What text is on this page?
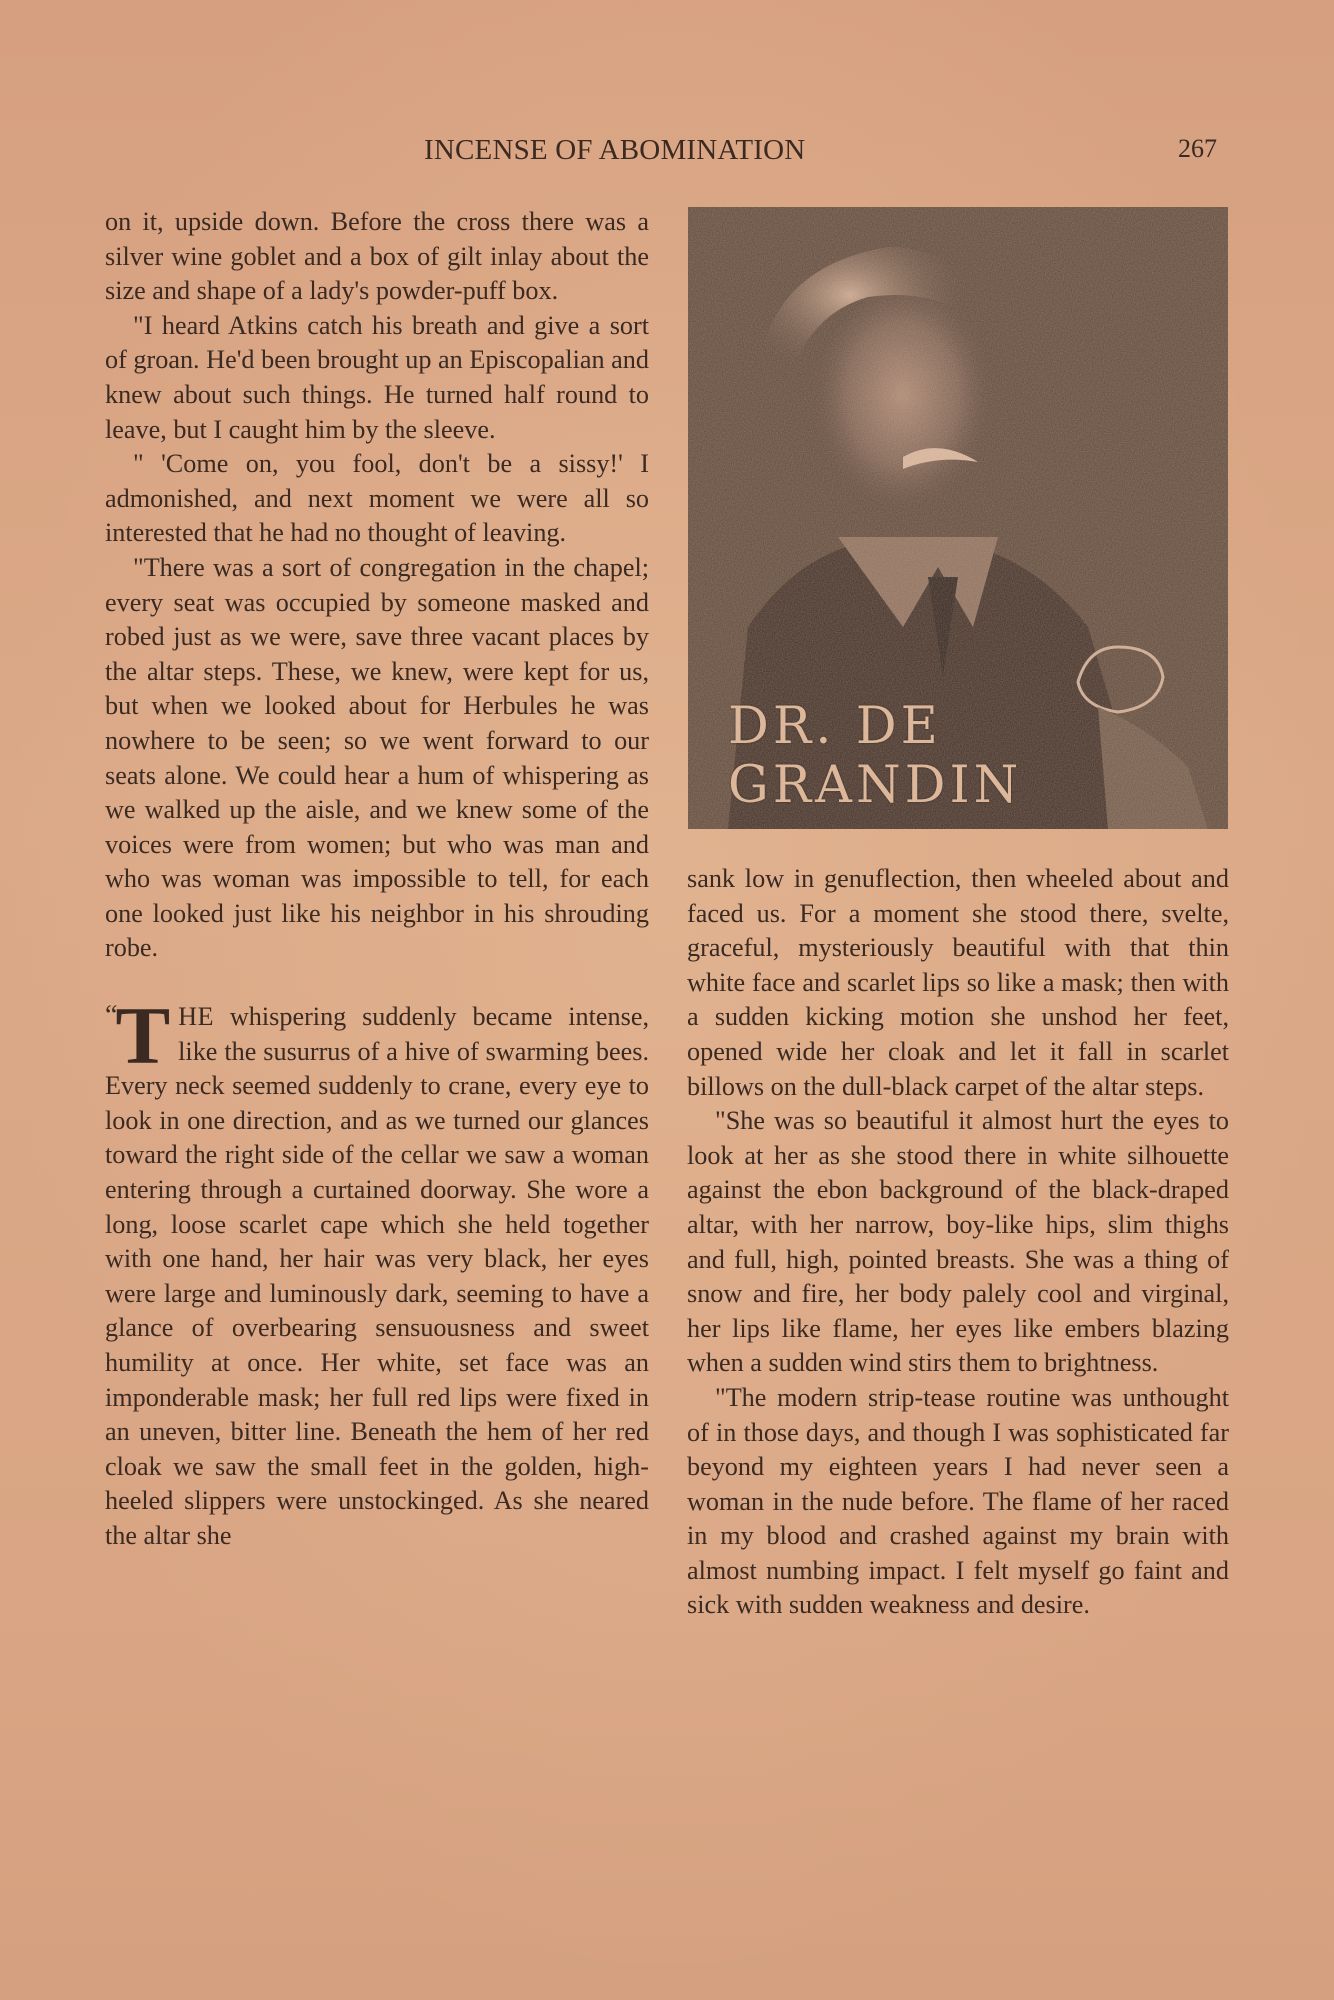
INCENSE OF ABOMINATION	267

on it, upside down. Before the cross there was a silver wine goblet and a box of gilt inlay about the size and shape of a lady's powder-puff box.

"I heard Atkins catch his breath and give a sort of groan. He'd been brought up an Episcopalian and knew about such things. He turned half round to leave, but I caught him by the sleeve.

" 'Come on, you fool, don't be a sissy!' I admonished, and next moment we were all so interested that he had no thought of leaving.

"There was a sort of congregation in the chapel; every seat was occupied by someone masked and robed just as we were, save three vacant places by the altar steps. These, we knew, were kept for us, but when we looked about for Herbules he was nowhere to be seen; so we went forward to our seats alone. We could hear a hum of whispering as we walked up the aisle, and we knew some of the voices were from women; but who was man and who was woman was impossible to tell, for each one looked just like his neighbor in his shrouding robe.

“
T HE whispering suddenly became intense, like the susurrus of a hive of swarming bees. Every neck seemed suddenly to crane, every eye to look in one direction, and as we turned our glances toward the right side of the cellar we saw a woman entering through a curtained doorway. She wore a long, loose scarlet cape which she held together with one hand, her hair was very black, her eyes were large and luminously dark, seeming to have a glance of overbearing sensuousness and sweet humility at once. Her white, set face was an imponderable mask; her full red lips were fixed in an uneven, bitter line. Beneath the hem of her red cloak we saw the small feet in the golden, high-heeled slippers were unstockinged. As she neared the altar she

DR. DE GRANDIN

sank low in genuflection, then wheeled about and faced us. For a moment she stood there, svelte, graceful, mysteriously beautiful with that thin white face and scarlet lips so like a mask; then with a sudden kicking motion she unshod her feet, opened wide her cloak and let it fall in scarlet billows on the dull-black carpet of the altar steps.

"She was so beautiful it almost hurt the eyes to look at her as she stood there in white silhouette against the ebon background of the black-draped altar, with her narrow, boy-like hips, slim thighs and full, high, pointed breasts. She was a thing of snow and fire, her body palely cool and virginal, her lips like flame, her eyes like embers blazing when a sudden wind stirs them to brightness.

"The modern strip-tease routine was unthought of in those days, and though I was sophisticated far beyond my eighteen years I had never seen a woman in the nude before. The flame of her raced in my blood and crashed against my brain with almost numbing impact. I felt myself go faint and sick with sudden weakness and desire.
